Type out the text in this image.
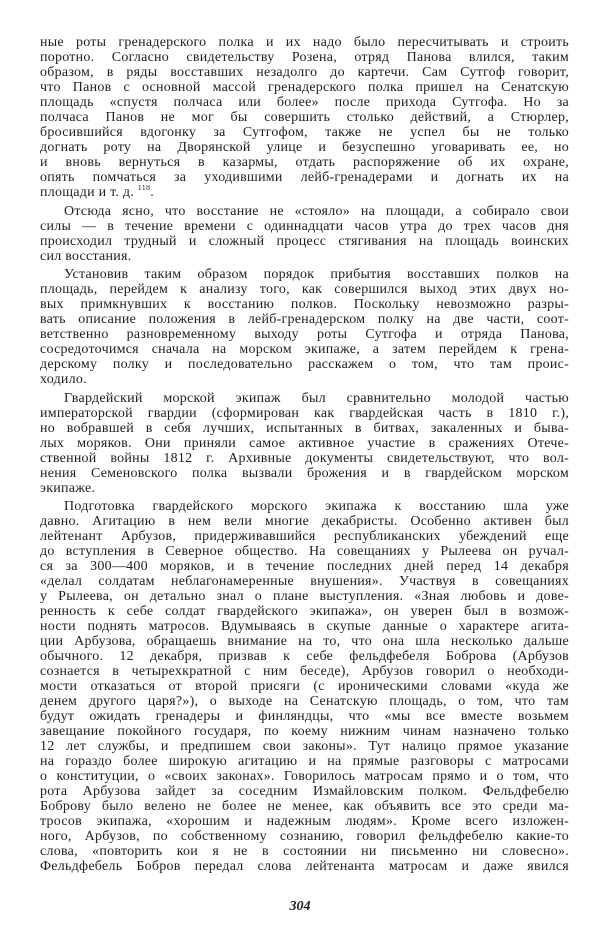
ные роты гренадерского полка и их надо было пересчитывать и строить
поротно. Согласно свидетельству Розена, отряд Панова влился, таким
образом, в ряды восставших незадолго до картечи. Сам Сутгоф говорит,
что Панов с основной массой гренадерского полка пришел на Сенатскую
площадь «спустя полчаса или более» после прихода Сутгофа. Но за
полчаса Панов не мог бы совершить столько действий, а Стюрлер,
бросившийся вдогонку за Сутгофом, также не успел бы не только
догнать роту на Дворянской улице и безуспешно уговаривать ее, но
и вновь вернуться в казармы, отдать распоряжение об их охране,
опять помчаться за уходившими лейб-гренадерами и догнать их на
площади и т. д. $^{118}$.
Отсюда ясно, что восстание не «стояло» на площади, а собирало свои
силы — в течение времени с одиннадцати часов утра до трех часов дня
происходил трудный и сложный процесс стягивания на площадь воинских
сил восстания.
Установив таким образом порядок прибытия восставших полков на
площадь, перейдем к анализу того, как совершился выход этих двух но-
вых примкнувших к восстанию полков. Поскольку невозможно разры-
вать описание положения в лейб-гренадерском полку на две части, соот-
ветственно разновременному выходу роты Сутгофа и отряда Панова,
сосредоточимся сначала на морском экипаже, а затем перейдем к грена-
дерскому полку и последовательно расскажем о том, что там проис-
ходило.
Гвардейский морской экипаж был сравнительно молодой частью
императорской гвардии (сформирован как гвардейская часть в 1810 г.),
но вобравшей в себя лучших, испытанных в битвах, закаленных и быва-
лых моряков. Они приняли самое активное участие в сражениях Отече-
ственной войны 1812 г. Архивные документы свидетельствуют, что вол-
нения Семеновского полка вызвали брожения и в гвардейском морском
экипаже.
Подготовка гвардейского морского экипажа к восстанию шла уже
давно. Агитацию в нем вели многие декабристы. Особенно активен был
лейтенант Арбузов, придерживавшийся республиканских убеждений еще
до вступления в Северное общество. На совещаниях у Рылеева он ручал-
ся за 300—400 моряков, и в течение последних дней перед 14 декабря
«делал солдатам неблагонамеренные внушения». Участвуя в совещаниях
у Рылеева, он детально знал о плане выступления. «Зная любовь и дове-
ренность к себе солдат гвардейского экипажа», он уверен был в возмож-
ности поднять матросов. Вдумываясь в скупые данные о характере агита-
ции Арбузова, обращаешь внимание на то, что она шла несколько дальше
обычного. 12 декабря, призвав к себе фельдфебеля Боброва (Арбузов
сознается в четырехкратной с ним беседе), Арбузов говорил о необходи-
мости отказаться от второй присяги (с ироническими словами «куда же
денем другого царя?»), о выходе на Сенатскую площадь, о том, что там
будут ожидать гренадеры и финляндцы, что «мы все вместе возьмем
завещание покойного государя, по коему нижним чинам назначено только
12 лет службы, и предпишем свои законы». Тут налицо прямое указание
на гораздо более широкую агитацию и на прямые разговоры с матросами
о конституции, о «своих законах». Говорилось матросам прямо и о том, что
рота Арбузова зайдет за соседним Измайловским полком. Фельдфебелю
Боброву было велено не более не менее, как объявить все это среди ма-
тросов экипажа, «хорошим и надежным людям». Кроме всего изложен-
ного, Арбузов, по собственному сознанию, говорил фельдфебелю какие-то
слова, «повторить кои я не в состоянии ни письменно ни словесно».
Фельдфебель Бобров передал слова лейтенанта матросам и даже явился
304
